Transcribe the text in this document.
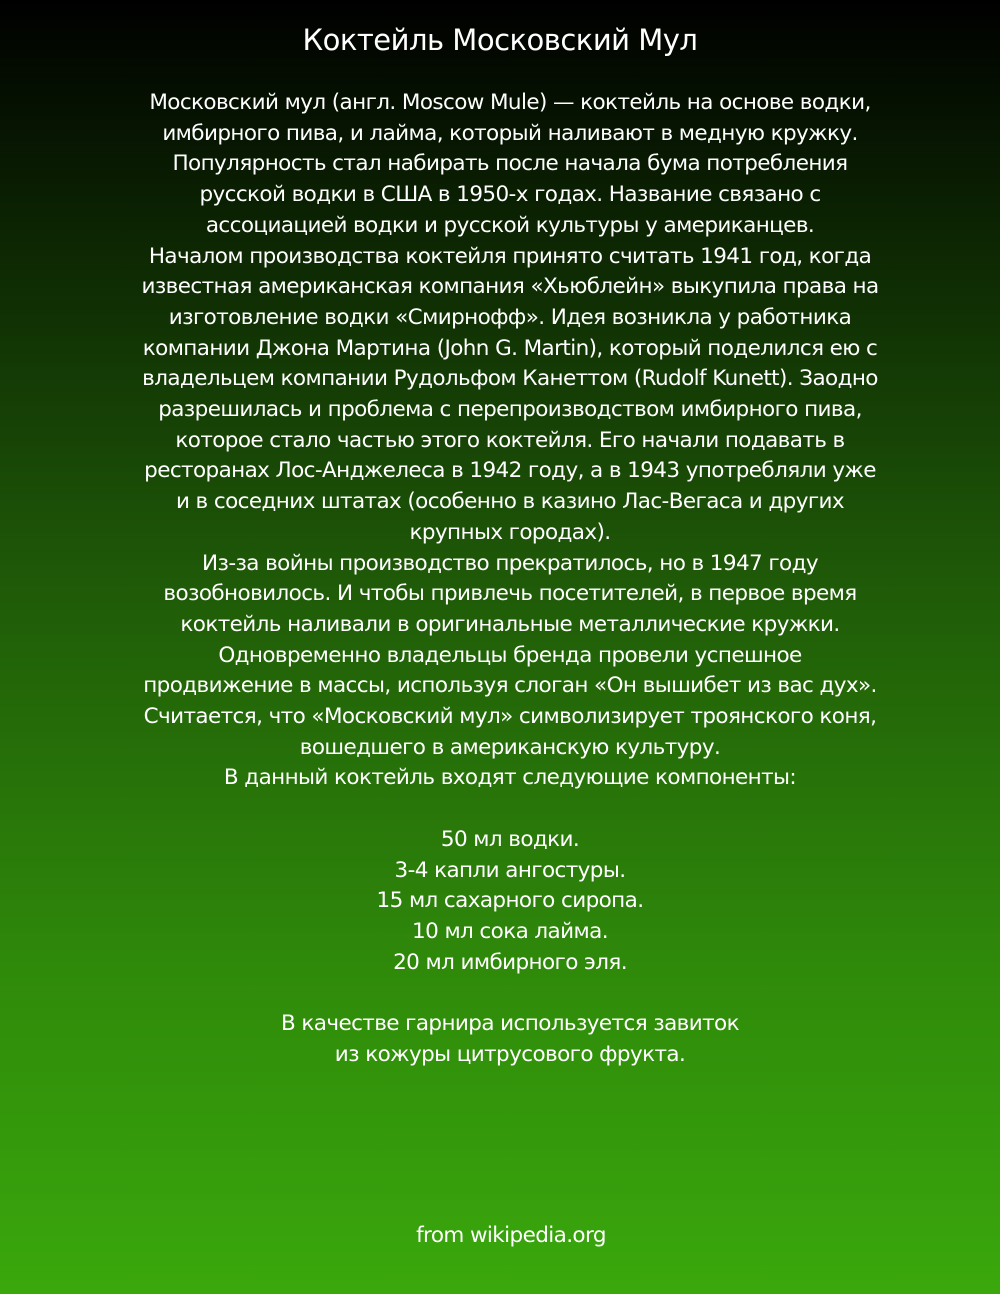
Коктейль Московский Мул
Московский мул (англ. Moscow Mule) — коктейль на основе водки,
имбирного пива, и лайма, который наливают в медную кружку.
Популярность стал набирать после начала бума потребления
русской водки в США в 1950-х годах. Название связано с
ассоциацией водки и русской культуры у американцев.
Началом производства коктейля принято считать 1941 год, когда
известная американская компания «Хьюблейн» выкупила права на
изготовление водки «Смирнофф». Идея возникла у работника
компании Джона Мартина (John G. Martin), который поделился ею с
владельцем компании Рудольфом Канеттом (Rudolf Kunett). Заодно
разрешилась и проблема с перепроизводством имбирного пива,
которое стало частью этого коктейля. Его начали подавать в
ресторанах Лос-Анджелеса в 1942 году, а в 1943 употребляли уже
и в соседних штатах (особенно в казино Лас-Вегаса и других
крупных городах).
Из-за войны производство прекратилось, но в 1947 году
возобновилось. И чтобы привлечь посетителей, в первое время
коктейль наливали в оригинальные металлические кружки.
Одновременно владельцы бренда провели успешное
продвижение в массы, используя слоган «Он вышибет из вас дух».
Считается, что «Московский мул» символизирует троянского коня,
вошедшего в американскую культуру.
В данный коктейль входят следующие компоненты:
50 мл водки.
3-4 капли ангостуры.
15 мл сахарного сиропа.
10 мл сока лайма.
20 мл имбирного эля.
В качестве гарнира используется завиток
из кожуры цитрусового фрукта.
from wikipedia.org
